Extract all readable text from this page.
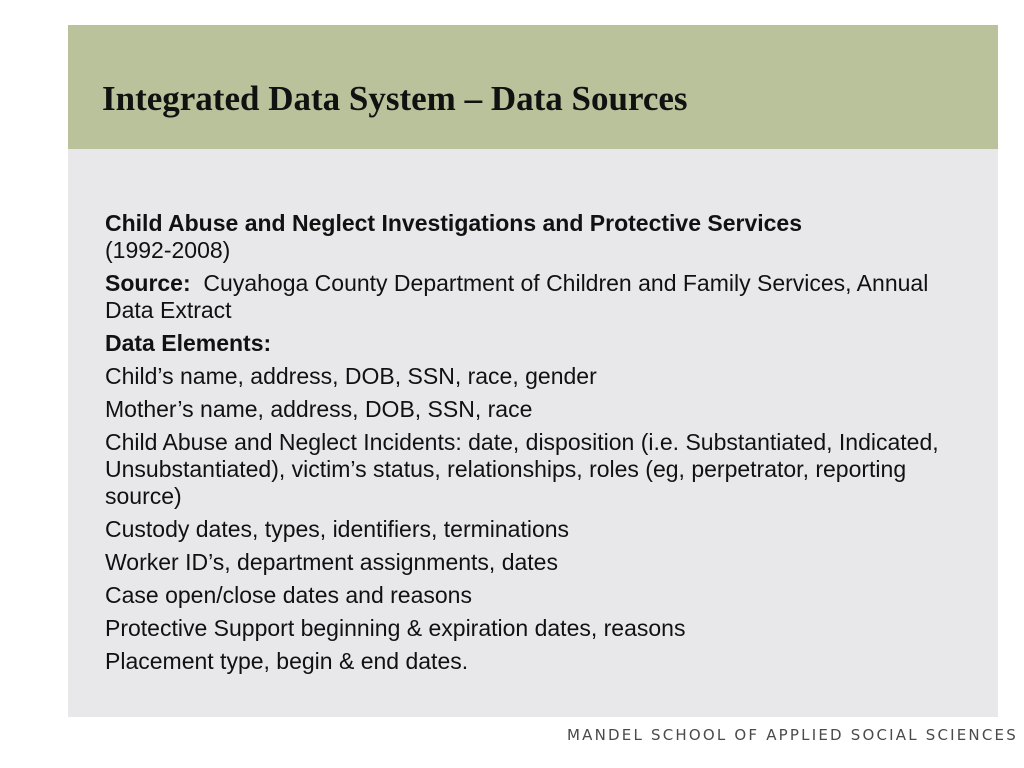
Integrated Data System – Data Sources

Child Abuse and Neglect Investigations and Protective Services
(1992-2008)

Source: Cuyahoga County Department of Children and Family Services, Annual Data Extract

Data Elements:

Child’s name, address, DOB, SSN, race, gender

Mother’s name, address, DOB, SSN, race

Child Abuse and Neglect Incidents: date, disposition (i.e. Substantiated, Indicated, Unsubstantiated), victim’s status, relationships, roles (eg, perpetrator, reporting source)

Custody dates, types, identifiers, terminations

Worker ID’s, department assignments, dates

Case open/close dates and reasons

Protective Support beginning & expiration dates, reasons

Placement type, begin & end dates.

MANDEL SCHOOL OF APPLIED SOCIAL SCIENCES
